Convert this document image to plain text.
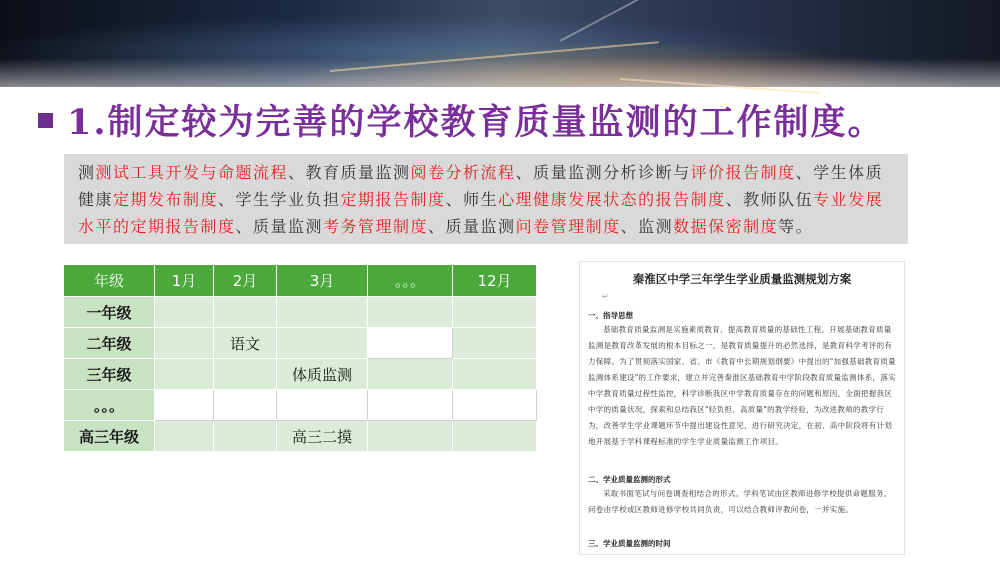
1.制定较为完善的学校教育质量监测的工作制度。
测测试工具开发与命题流程、教育质量监测阅卷分析流程、质量监测分析诊断与评价报告制度、学生体质健康定期发布制度、学生学业负担定期报告制度、师生心理健康发展状态的报告制度、教师队伍专业发展水平的定期报告制度、质量监测考务管理制度、质量监测问卷管理制度、监测数据保密制度等。
年级	1月	2月	3月	。。。	12月
一年级					
二年级		语文			
三年级			体质监测		
。。。					
高三年级			高三二摸		
秦淮区中学三年学生学业质量监测规划方案
↵
一、指导思想
基础教育质量监测是实施素质教育、提高教育质量的基础性工程。开展基础教育质量监测是教育改革发展的根本目标之一，是教育质量提升的必然选择，是教育科学考评的有力保障。为了贯彻落实国家、省、市《教育中长期规划纲要》中提出的"加强基础教育质量监测体系建设"的工作要求，建立并完善秦淮区基础教育中学阶段教育质量监测体系，落实中学教育质量过程性监控，科学诊断我区中学教育质量存在的问题和原因，全面把握我区中学的质量状况，探索和总结我区"轻负担、高质量"的教学经验，为改进教师的教学行为，改善学生学业课题环节中提出建设性意见，进行研究决定，在初、高中阶段将有计划地开展基于学科课程标准的学生学业质量监测工作项目。
二、学业质量监测的形式
采取书面笔试与问卷调查相结合的形式。学科笔试由区教师进修学校提供命题服务。问卷由学校或区教师进修学校共同负责，可以结合教师评教问卷，一并实施。
三、学业质量监测的时间
